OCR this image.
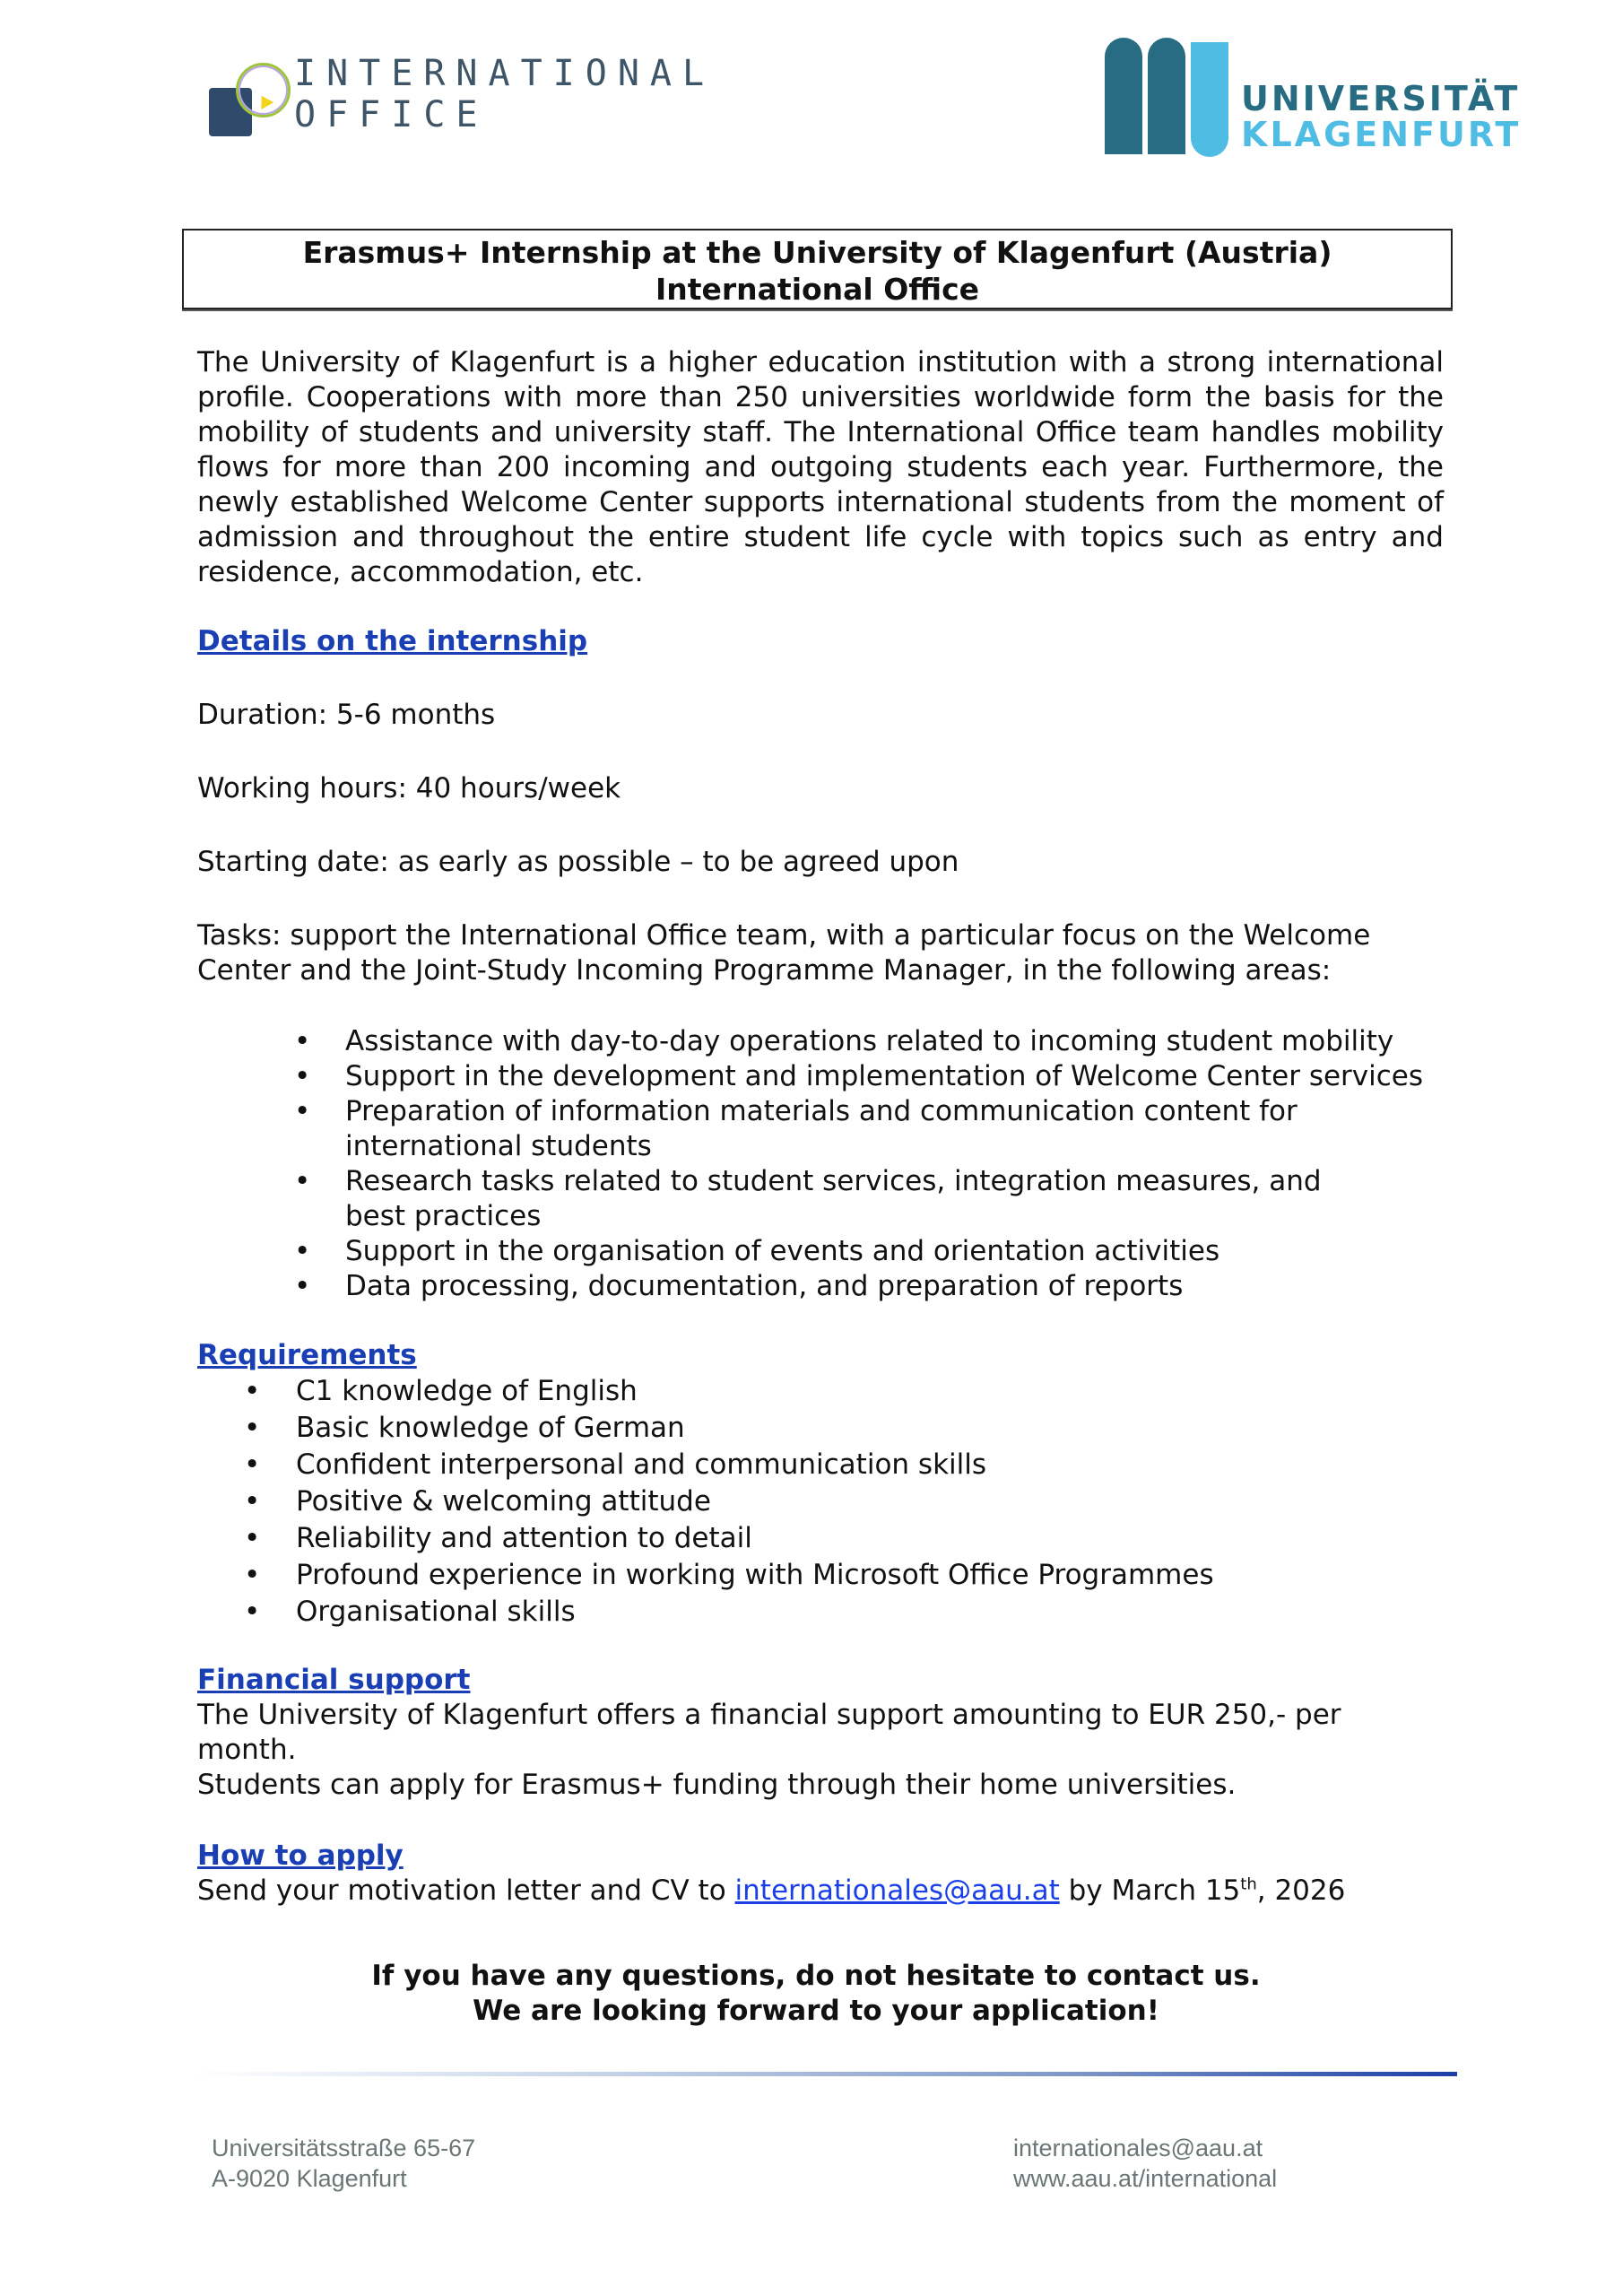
INTERNATIONAL
OFFICE	UNIVERSITÄT
KLAGENFURT
Erasmus+ Internship at the University of Klagenfurt (Austria)
International Office

The University of Klagenfurt is a higher education institution with a strong international profile. Cooperations with more than 250 universities worldwide form the basis for the mobility of students and university staff. The International Office team handles mobility flows for more than 200 incoming and outgoing students each year. Furthermore, the newly established Welcome Center supports international students from the moment of admission and throughout the entire student life cycle with topics such as entry and residence, accommodation, etc.

Details on the internship

Duration: 5-6 months

Working hours: 40 hours/week

Starting date: as early as possible – to be agreed upon

Tasks: support the International Office team, with a particular focus on the Welcome Center and the Joint-Study Incoming Programme Manager, in the following areas:

• Assistance with day-to-day operations related to incoming student mobility
• Support in the development and implementation of Welcome Center services
• Preparation of information materials and communication content for international students
• Research tasks related to student services, integration measures, and best practices
• Support in the organisation of events and orientation activities
• Data processing, documentation, and preparation of reports
Requirements
• C1 knowledge of English
• Basic knowledge of German
• Confident interpersonal and communication skills
• Positive & welcoming attitude
• Reliability and attention to detail
• Profound experience in working with Microsoft Office Programmes
• Organisational skills
Financial support

The University of Klagenfurt offers a financial support amounting to EUR 250,- per month.

Students can apply for Erasmus+ funding through their home universities.

How to apply

Send your motivation letter and CV to internationales@aau.at by March 15th, 2026

If you have any questions, do not hesitate to contact us.
We are looking forward to your application!
Universitätsstraße 65-67
A-9020 Klagenfurt
internationales@aau.at
www.aau.at/international
